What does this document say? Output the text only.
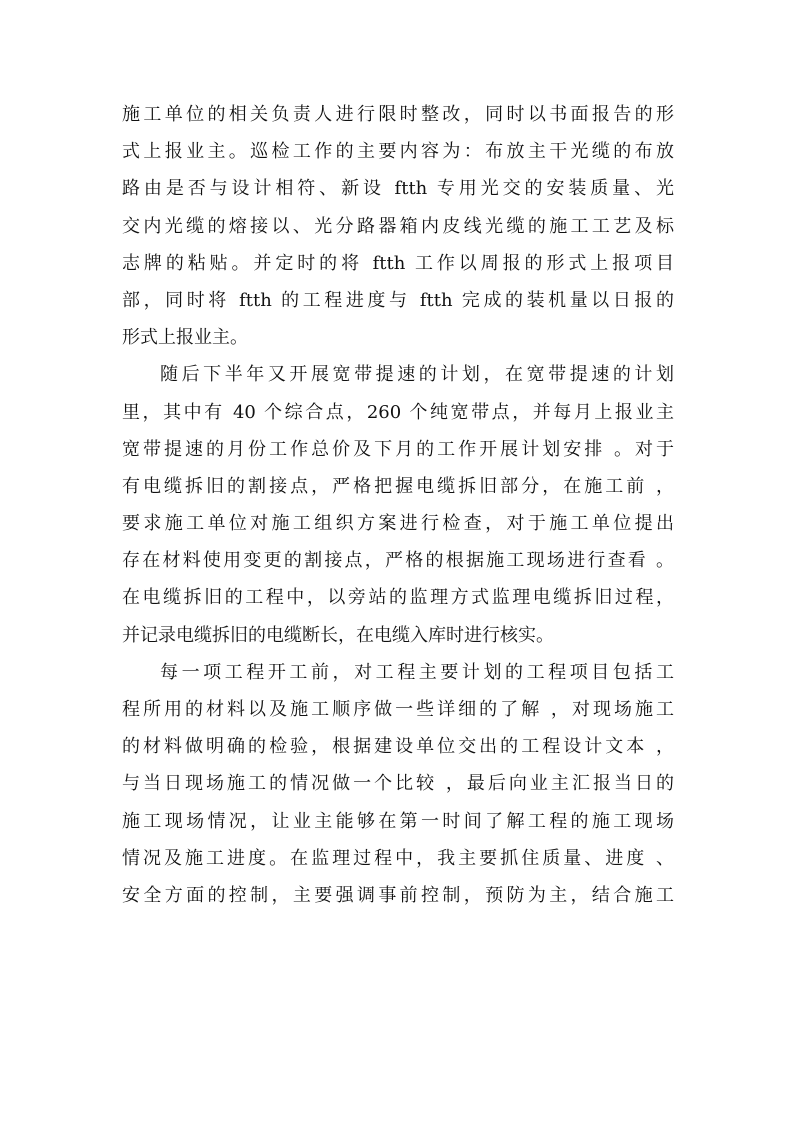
施工单位的相关负责人进行限时整改，同时以书面报告的形
式上报业主。巡检工作的主要内容为：布放主干光缆的布放
路由是否与设计相符、新设 ftth 专用光交的安装质量、光
交内光缆的熔接以、光分路器箱内皮线光缆的施工工艺及标
志牌的粘贴。并定时的将 ftth 工作以周报的形式上报项目
部，同时将 ftth 的工程进度与 ftth 完成的装机量以日报的
形式上报业主。
随后下半年又开展宽带提速的计划，在宽带提速的计划
里，其中有 40 个综合点，260 个纯宽带点，并每月上报业主
宽带提速的月份工作总价及下月的工作开展计划安排 。对于
有电缆拆旧的割接点，严格把握电缆拆旧部分，在施工前 ，
要求施工单位对施工组织方案进行检查，对于施工单位提出
存在材料使用变更的割接点，严格的根据施工现场进行查看 。
在电缆拆旧的工程中，以旁站的监理方式监理电缆拆旧过程，
并记录电缆拆旧的电缆断长，在电缆入库时进行核实。
每一项工程开工前，对工程主要计划的工程项目包括工
程所用的材料以及施工顺序做一些详细的了解 ，对现场施工
的材料做明确的检验，根据建设单位交出的工程设计文本 ，
与当日现场施工的情况做一个比较 ，最后向业主汇报当日的
施工现场情况，让业主能够在第一时间了解工程的施工现场
情况及施工进度。在监理过程中，我主要抓住质量、进度 、
安全方面的控制，主要强调事前控制，预防为主，结合施工
